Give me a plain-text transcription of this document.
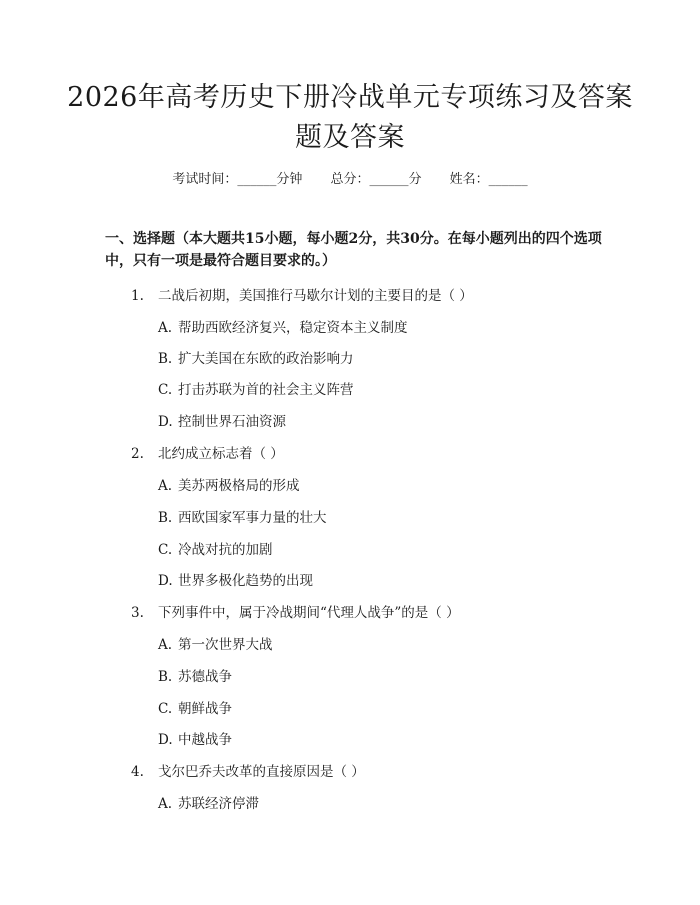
2026年高考历史下册冷战单元专项练习及答案题及答案
考试时间：______分钟 总分：______分 姓名：______

一、选择题（本大题共15小题，每小题2分，共30分。在每小题列出的四个选项中，只有一项是最符合题目要求的。）

1. 二战后初期，美国推行马歇尔计划的主要目的是（ ）
A. 帮助西欧经济复兴，稳定资本主义制度
B. 扩大美国在东欧的政治影响力
C. 打击苏联为首的社会主义阵营
D. 控制世界石油资源
2. 北约成立标志着（ ）
A. 美苏两极格局的形成
B. 西欧国家军事力量的壮大
C. 冷战对抗的加剧
D. 世界多极化趋势的出现
3. 下列事件中，属于冷战期间“代理人战争”的是（ ）
A. 第一次世界大战
B. 苏德战争
C. 朝鲜战争
D. 中越战争
4. 戈尔巴乔夫改革的直接原因是（ ）
A. 苏联经济停滞
